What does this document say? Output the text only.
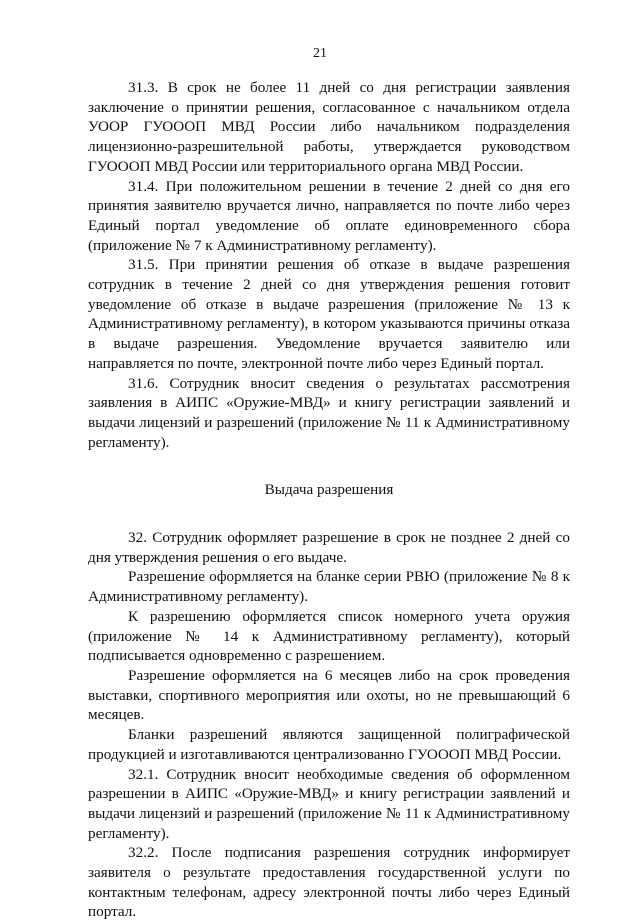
21

31.3. В срок не более 11 дней со дня регистрации заявления заключение о принятии решения, согласованное с начальником отдела УООР ГУОООП МВД России либо начальником подразделения лицензионно-разрешительной работы, утверждается руководством ГУОООП МВД России или территориального органа МВД России.

31.4. При положительном решении в течение 2 дней со дня его принятия заявителю вручается лично, направляется по почте либо через Единый портал уведомление об оплате единовременного сбора (приложение № 7 к Административному регламенту).

31.5. При принятии решения об отказе в выдаче разрешения сотрудник в течение 2 дней со дня утверждения решения готовит уведомление об отказе в выдаче разрешения (приложение № 13 к Административному регламенту), в котором указываются причины отказа в выдаче разрешения. Уведомление вручается заявителю или направляется по почте, электронной почте либо через Единый портал.

31.6. Сотрудник вносит сведения о результатах рассмотрения заявления в АИПС «Оружие-МВД» и книгу регистрации заявлений и выдачи лицензий и разрешений (приложение № 11 к Административному регламенту).

Выдача разрешения

32. Сотрудник оформляет разрешение в срок не позднее 2 дней со дня утверждения решения о его выдаче.

Разрешение оформляется на бланке серии РВЮ (приложение № 8 к Административному регламенту).

К разрешению оформляется список номерного учета оружия (приложение № 14 к Административному регламенту), который подписывается одновременно с разрешением.

Разрешение оформляется на 6 месяцев либо на срок проведения выставки, спортивного мероприятия или охоты, но не превышающий 6 месяцев.

Бланки разрешений являются защищенной полиграфической продукцией и изготавливаются централизованно ГУОООП МВД России.

32.1. Сотрудник вносит необходимые сведения об оформленном разрешении в АИПС «Оружие-МВД» и книгу регистрации заявлений и выдачи лицензий и разрешений (приложение № 11 к Административному регламенту).

32.2. После подписания разрешения сотрудник информирует заявителя о результате предоставления государственной услуги по контактным телефонам, адресу электронной почты либо через Единый портал.
